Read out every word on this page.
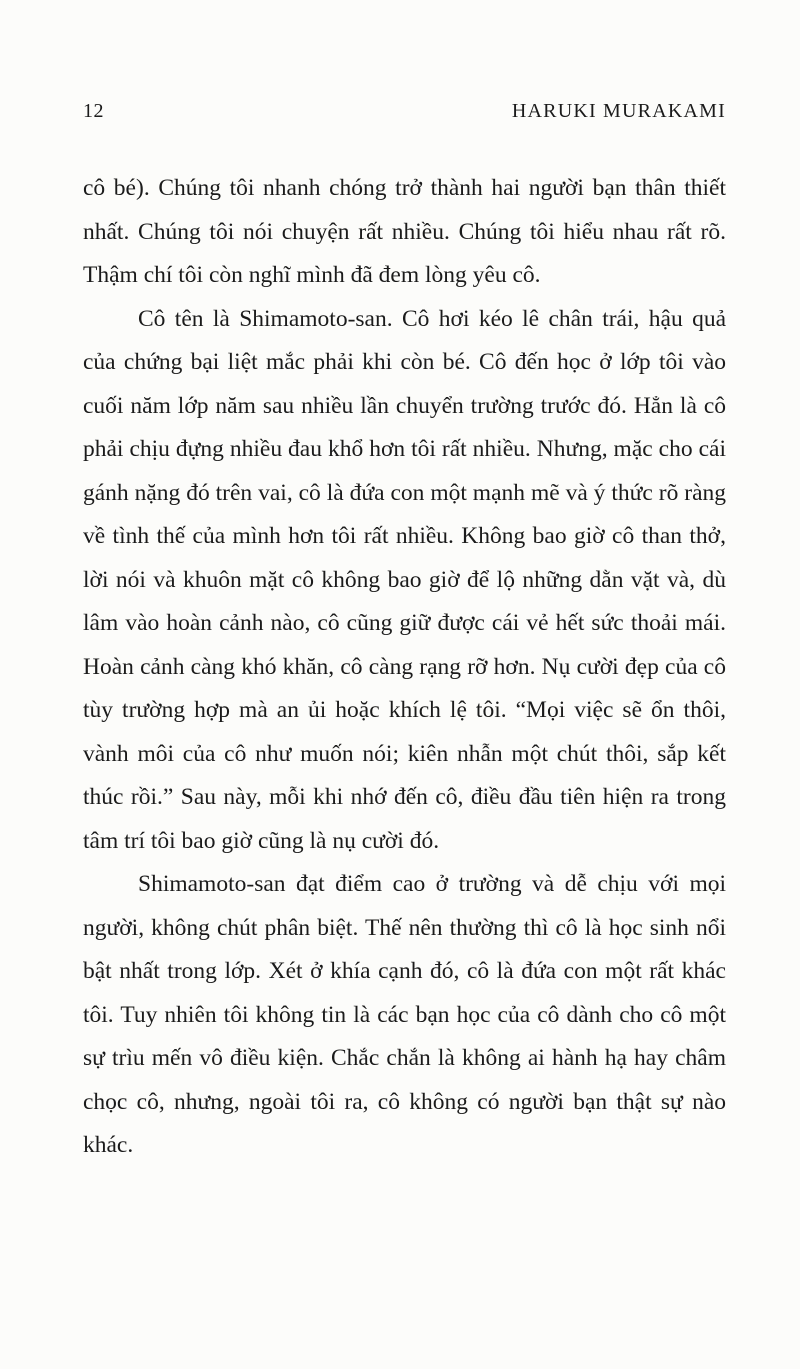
12	HARUKI MURAKAMI

cô bé). Chúng tôi nhanh chóng trở thành hai người bạn thân thiết nhất. Chúng tôi nói chuyện rất nhiều. Chúng tôi hiểu nhau rất rõ. Thậm chí tôi còn nghĩ mình đã đem lòng yêu cô.

Cô tên là Shimamoto-san. Cô hơi kéo lê chân trái, hậu quả của chứng bại liệt mắc phải khi còn bé. Cô đến học ở lớp tôi vào cuối năm lớp năm sau nhiều lần chuyển trường trước đó. Hẳn là cô phải chịu đựng nhiều đau khổ hơn tôi rất nhiều. Nhưng, mặc cho cái gánh nặng đó trên vai, cô là đứa con một mạnh mẽ và ý thức rõ ràng về tình thế của mình hơn tôi rất nhiều. Không bao giờ cô than thở, lời nói và khuôn mặt cô không bao giờ để lộ những dằn vặt và, dù lâm vào hoàn cảnh nào, cô cũng giữ được cái vẻ hết sức thoải mái. Hoàn cảnh càng khó khăn, cô càng rạng rỡ hơn. Nụ cười đẹp của cô tùy trường hợp mà an ủi hoặc khích lệ tôi. “Mọi việc sẽ ổn thôi, vành môi của cô như muốn nói; kiên nhẫn một chút thôi, sắp kết thúc rồi.” Sau này, mỗi khi nhớ đến cô, điều đầu tiên hiện ra trong tâm trí tôi bao giờ cũng là nụ cười đó.

Shimamoto-san đạt điểm cao ở trường và dễ chịu với mọi người, không chút phân biệt. Thế nên thường thì cô là học sinh nổi bật nhất trong lớp. Xét ở khía cạnh đó, cô là đứa con một rất khác tôi. Tuy nhiên tôi không tin là các bạn học của cô dành cho cô một sự trìu mến vô điều kiện. Chắc chắn là không ai hành hạ hay châm chọc cô, nhưng, ngoài tôi ra, cô không có người bạn thật sự nào khác.
